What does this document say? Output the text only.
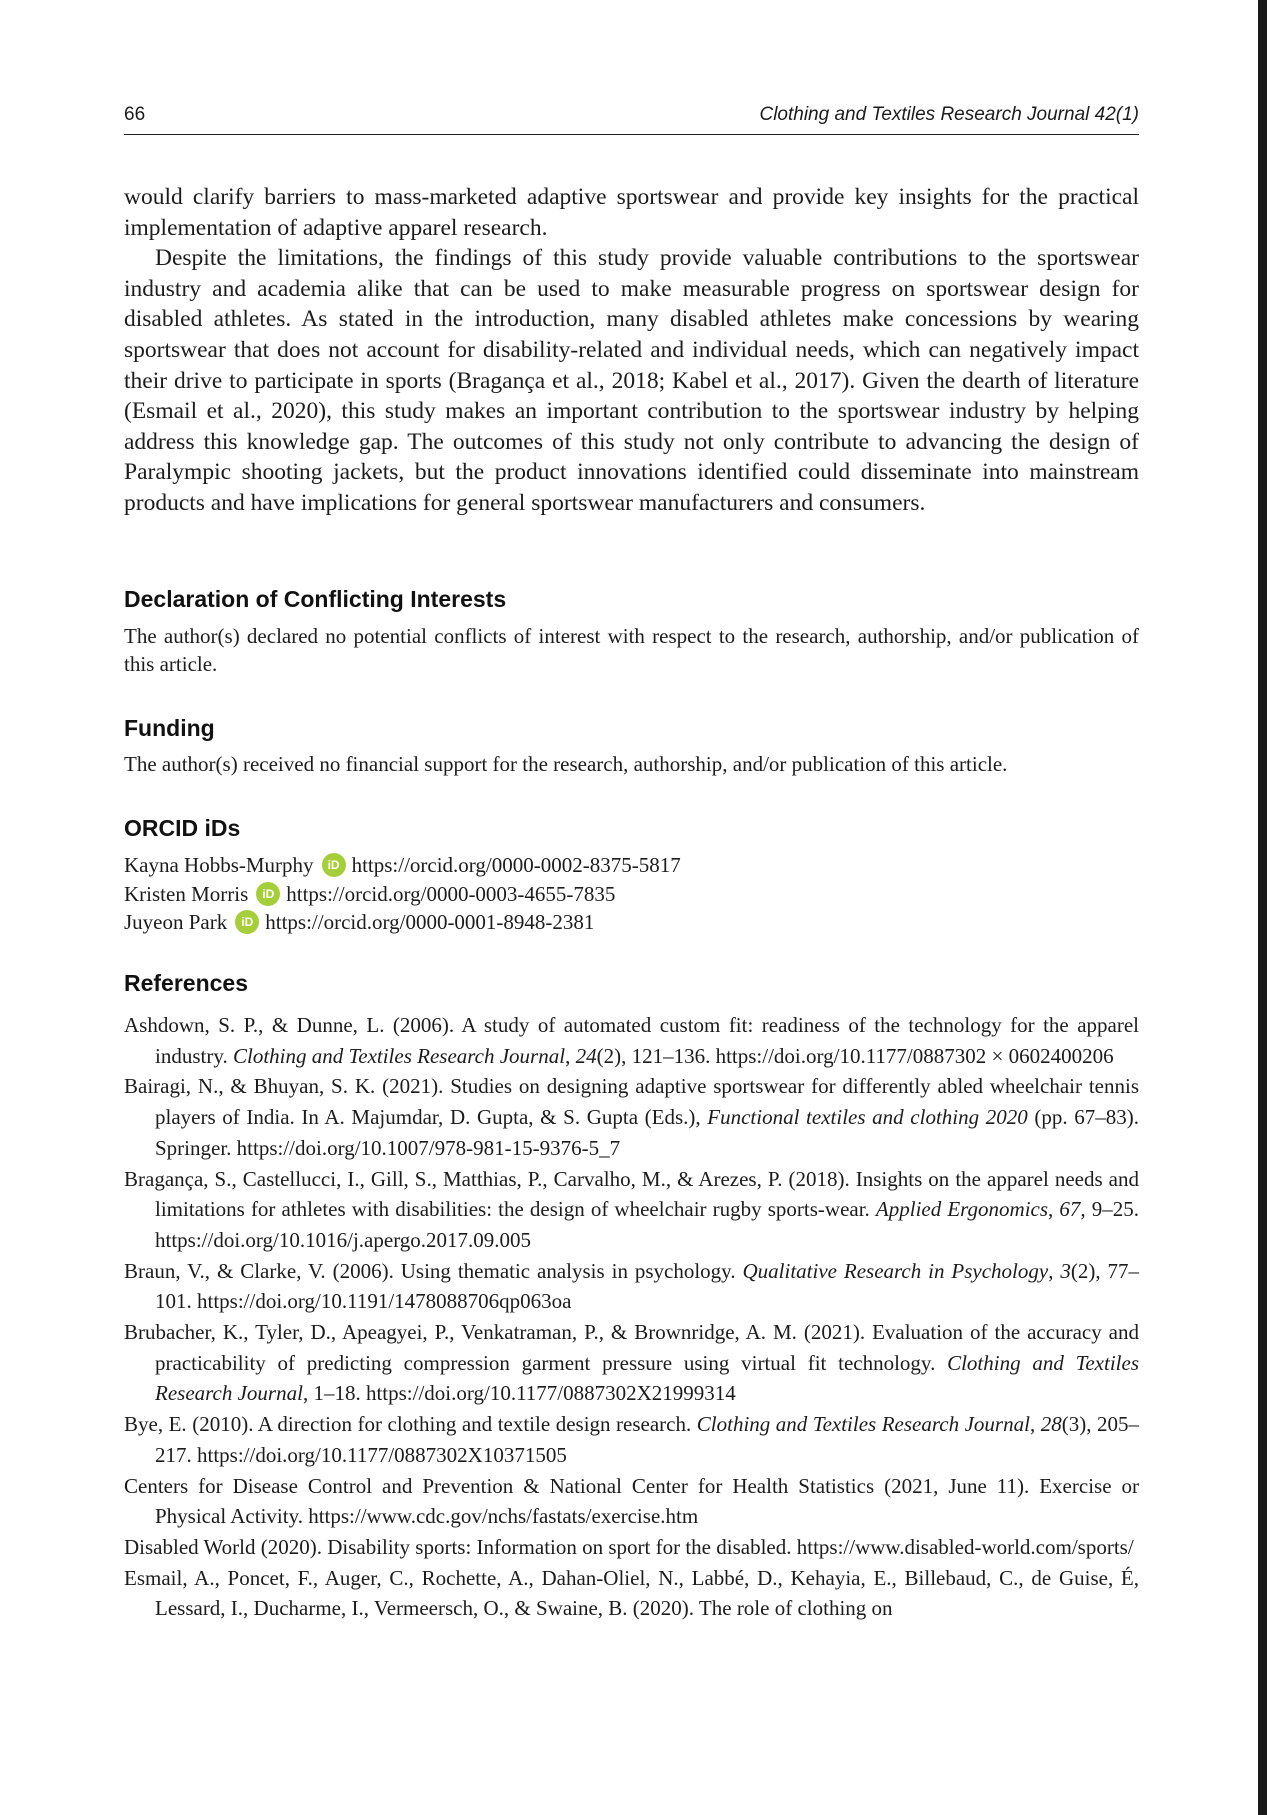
66	Clothing and Textiles Research Journal 42(1)

would clarify barriers to mass-marketed adaptive sportswear and provide key insights for the practical implementation of adaptive apparel research.

Despite the limitations, the findings of this study provide valuable contributions to the sportswear industry and academia alike that can be used to make measurable progress on sportswear design for disabled athletes. As stated in the introduction, many disabled athletes make concessions by wearing sportswear that does not account for disability-related and individual needs, which can negatively impact their drive to participate in sports (Bragança et al., 2018; Kabel et al., 2017). Given the dearth of literature (Esmail et al., 2020), this study makes an important contribution to the sportswear industry by helping address this knowledge gap. The outcomes of this study not only contribute to advancing the design of Paralympic shooting jackets, but the product innovations identified could disseminate into mainstream products and have implications for general sportswear manufacturers and consumers.

Declaration of Conflicting Interests
The author(s) declared no potential conflicts of interest with respect to the research, authorship, and/or publication of this article.
Funding
The author(s) received no financial support for the research, authorship, and/or publication of this article.
ORCID iDs
Kayna Hobbs-Murphy	iD https://orcid.org/0000-0002-8375-5817
Kristen Morris	iD https://orcid.org/0000-0003-4655-7835
Juyeon Park	iD https://orcid.org/0000-0001-8948-2381
References
Ashdown, S. P., & Dunne, L. (2006). A study of automated custom fit: readiness of the technology for the apparel industry. Clothing and Textiles Research Journal, 24(2), 121–136. https://doi.org/10.1177/0887302 × 0602400206
Bairagi, N., & Bhuyan, S. K. (2021). Studies on designing adaptive sportswear for differently abled wheelchair tennis players of India. In A. Majumdar, D. Gupta, & S. Gupta (Eds.), Functional textiles and clothing 2020 (pp. 67–83). Springer. https://doi.org/10.1007/978-981-15-9376-5_7
Bragança, S., Castellucci, I., Gill, S., Matthias, P., Carvalho, M., & Arezes, P. (2018). Insights on the apparel needs and limitations for athletes with disabilities: the design of wheelchair rugby sports-wear. Applied Ergonomics, 67, 9–25. https://doi.org/10.1016/j.apergo.2017.09.005
Braun, V., & Clarke, V. (2006). Using thematic analysis in psychology. Qualitative Research in Psychology, 3(2), 77–101. https://doi.org/10.1191/1478088706qp063oa
Brubacher, K., Tyler, D., Apeagyei, P., Venkatraman, P., & Brownridge, A. M. (2021). Evaluation of the accuracy and practicability of predicting compression garment pressure using virtual fit technology. Clothing and Textiles Research Journal, 1–18. https://doi.org/10.1177/0887302X21999314
Bye, E. (2010). A direction for clothing and textile design research. Clothing and Textiles Research Journal, 28(3), 205–217. https://doi.org/10.1177/0887302X10371505
Centers for Disease Control and Prevention & National Center for Health Statistics (2021, June 11). Exercise or Physical Activity. https://www.cdc.gov/nchs/fastats/exercise.htm
Disabled World (2020). Disability sports: Information on sport for the disabled. https://www.disabled-world.com/sports/
Esmail, A., Poncet, F., Auger, C., Rochette, A., Dahan-Oliel, N., Labbé, D., Kehayia, E., Billebaud, C., de Guise, É, Lessard, I., Ducharme, I., Vermeersch, O., & Swaine, B. (2020). The role of clothing on
